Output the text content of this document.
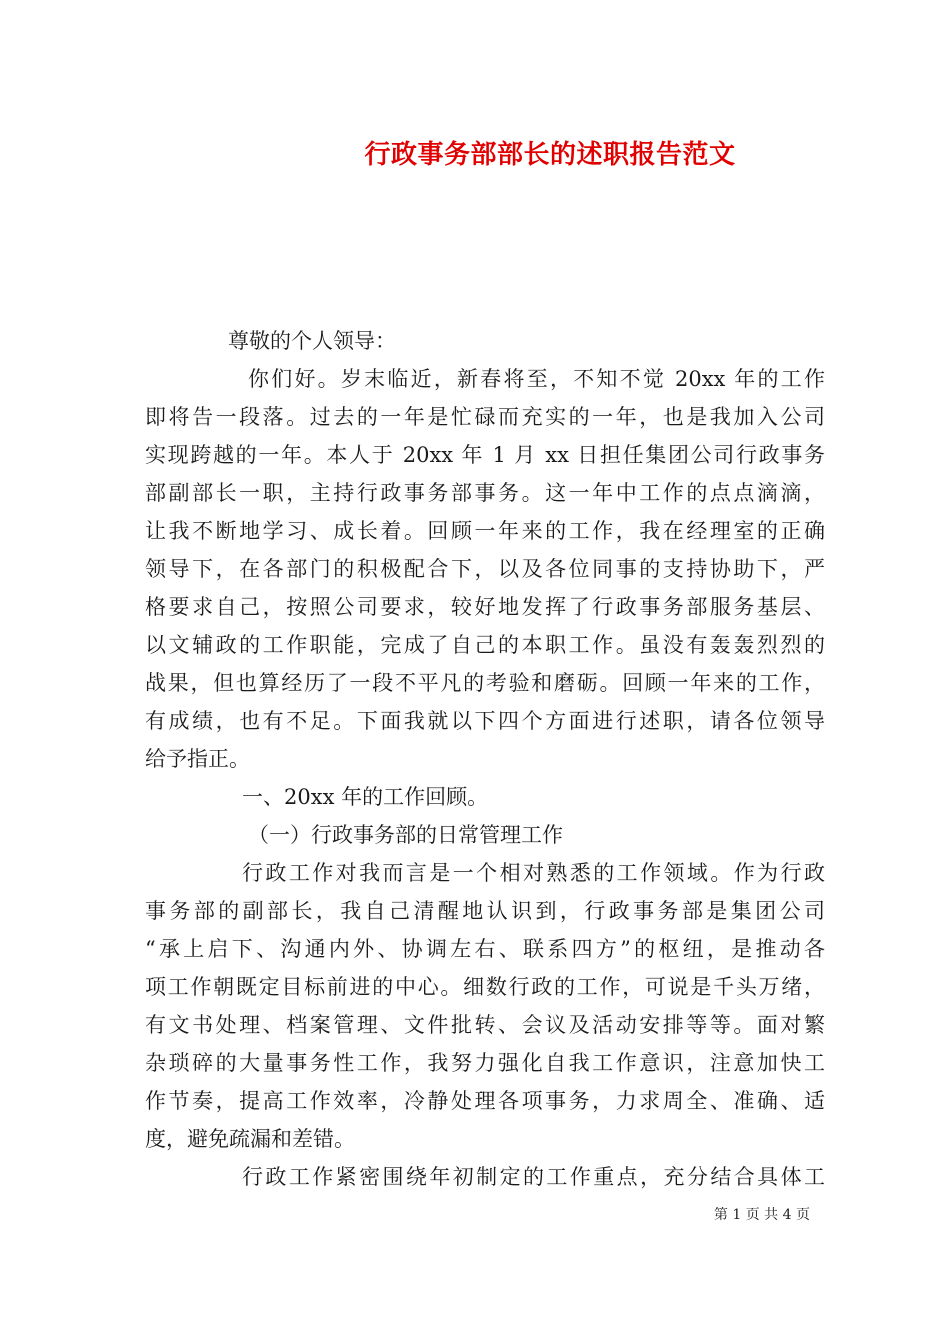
行政事务部部长的述职报告范文
尊敬的个人领导：
你们好。岁末临近，新春将至，不知不觉 20xx 年的工作
即将告一段落。过去的一年是忙碌而充实的一年，也是我加入公司
实现跨越的一年。本人于 20xx 年 1 月 xx 日担任集团公司行政事务
部副部长一职，主持行政事务部事务。这一年中工作的点点滴滴，
让我不断地学习、成长着。回顾一年来的工作，我在经理室的正确
领导下，在各部门的积极配合下，以及各位同事的支持协助下，严
格要求自己，按照公司要求，较好地发挥了行政事务部服务基层、
以文辅政的工作职能，完成了自己的本职工作。虽没有轰轰烈烈的
战果，但也算经历了一段不平凡的考验和磨砺。回顾一年来的工作，
有成绩，也有不足。下面我就以下四个方面进行述职，请各位领导
给予指正。
一、20xx 年的工作回顾。
（一）行政事务部的日常管理工作
行政工作对我而言是一个相对熟悉的工作领域。作为行政
事务部的副部长，我自己清醒地认识到，行政事务部是集团公司
“承上启下、沟通内外、协调左右、联系四方”的枢纽，是推动各
项工作朝既定目标前进的中心。细数行政的工作，可说是千头万绪，
有文书处理、档案管理、文件批转、会议及活动安排等等。面对繁
杂琐碎的大量事务性工作，我努力强化自我工作意识，注意加快工
作节奏，提高工作效率，冷静处理各项事务，力求周全、准确、适
度，避免疏漏和差错。
行政工作紧密围绕年初制定的工作重点，充分结合具体工
第 1 页 共 4 页
